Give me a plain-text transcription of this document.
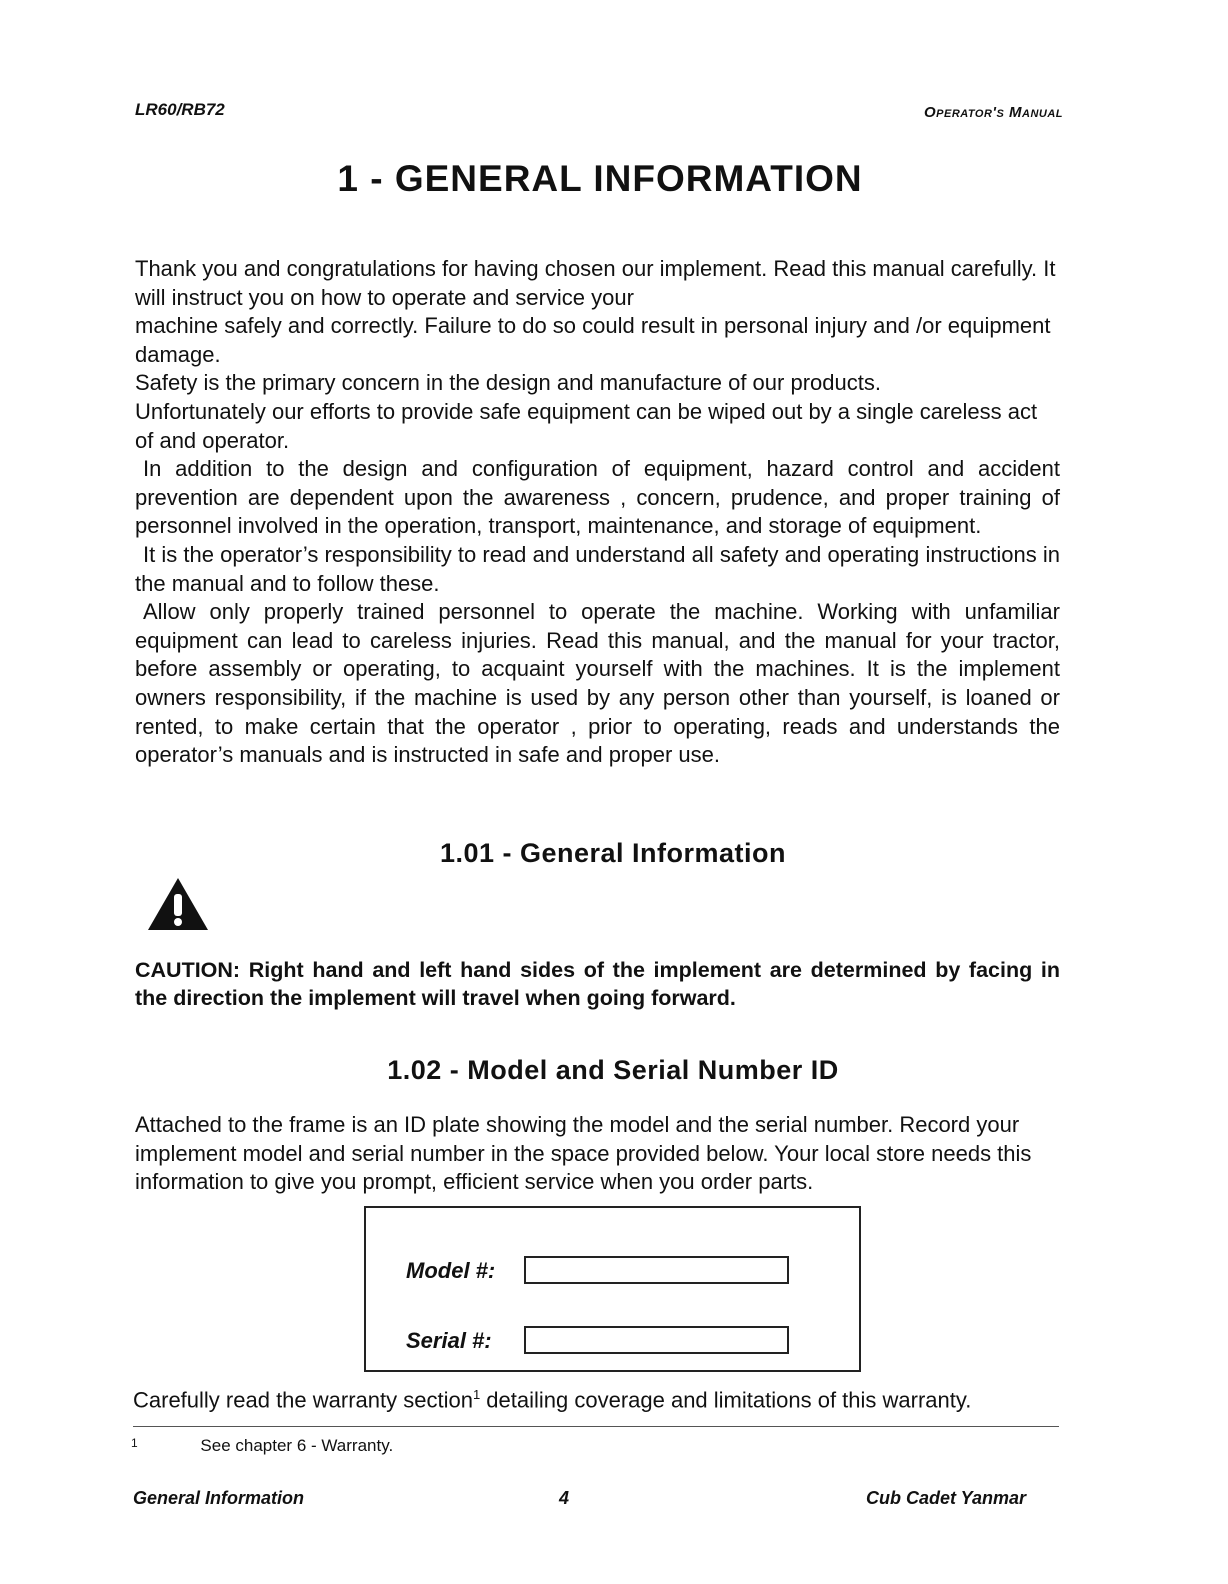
LR60/RB72	Operator's Manual
1 - GENERAL INFORMATION

Thank you and congratulations for having chosen our implement. Read this manual carefully. It will instruct you on how to operate and service your

machine safely and correctly. Failure to do so could result in personal injury and /or equipment damage.

Safety is the primary concern in the design and manufacture of our products.

Unfortunately our efforts to provide safe equipment can be wiped out by a single careless act of and operator.

In addition to the design and configuration of equipment, hazard control and accident prevention are dependent upon the awareness , concern, prudence, and proper training of personnel involved in the operation, transport, maintenance, and storage of equipment.

It is the operator’s responsibility to read and understand all safety and operating instructions in the manual and to follow these.

Allow only properly trained personnel to operate the machine. Working with unfamiliar equipment can lead to careless injuries. Read this manual, and the manual for your tractor, before assembly or operating, to acquaint yourself with the machines. It is the implement owners responsibility, if the machine is used by any person other than yourself, is loaned or rented, to make certain that the operator , prior to operating, reads and understands the operator’s manuals and is instructed in safe and proper use.

1.01 - General Information
CAUTION: Right hand and left hand sides of the implement are determined by facing in the direction the implement will travel when going forward.
1.02 - Model and Serial Number ID
Attached to the frame is an ID plate showing the model and the serial number. Record your implement model and serial number in the space provided below. Your local store needs this information to give you prompt, efficient service when you order parts.
Model #:
Serial #:
Carefully read the warranty section$^1$ detailing coverage and limitations of this warranty.
$^1$	See chapter 6 - Warranty.
General Information	4	Cub Cadet Yanmar
